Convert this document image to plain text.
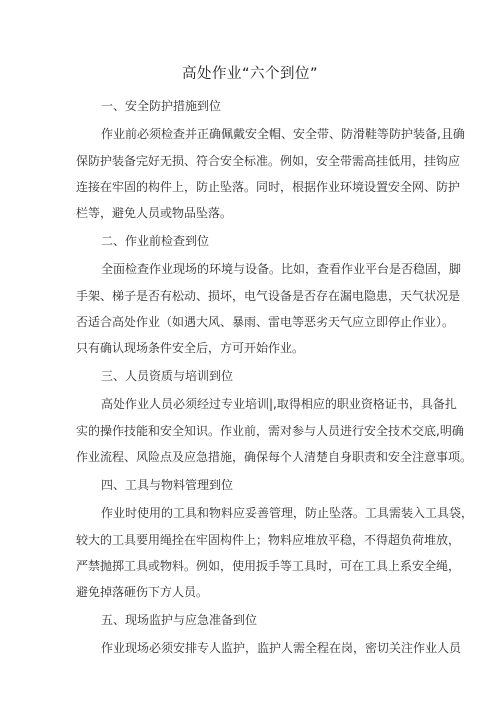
高处作业“六个到位”
一、安全防护措施到位
作业前必须检查并正确佩戴安全帽、安全带、防滑鞋等防护装备,且确
保防护装备完好无损、符合安全标准。例如，安全带需高挂低用，挂钩应
连接在牢固的构件上，防止坠落。同时，根据作业环境设置安全网、防护
栏等，避免人员或物品坠落。
二、作业前检查到位
全面检查作业现场的环境与设备。比如，查看作业平台是否稳固，脚
手架、梯子是否有松动、损坏，电气设备是否存在漏电隐患，天气状况是
否适合高处作业（如遇大风、暴雨、雷电等恶劣天气应立即停止作业）。
只有确认现场条件安全后，方可开始作业。
三、人员资质与培训到位
高处作业人员必须经过专业培训|,取得相应的职业资格证书，具备扎
实的操作技能和安全知识。作业前，需对参与人员进行安全技术交底,明确
作业流程、风险点及应急措施，确保每个人清楚自身职责和安全注意事项。
四、工具与物料管理到位
作业时使用的工具和物料应妥善管理，防止坠落。工具需装入工具袋，
较大的工具要用绳拴在牢固构件上；物料应堆放平稳，不得超负荷堆放，
严禁抛掷工具或物料。例如，使用扳手等工具时，可在工具上系安全绳，
避免掉落砸伤下方人员。
五、现场监护与应急准备到位
作业现场必须安排专人监护，监护人需全程在岗，密切关注作业人员
